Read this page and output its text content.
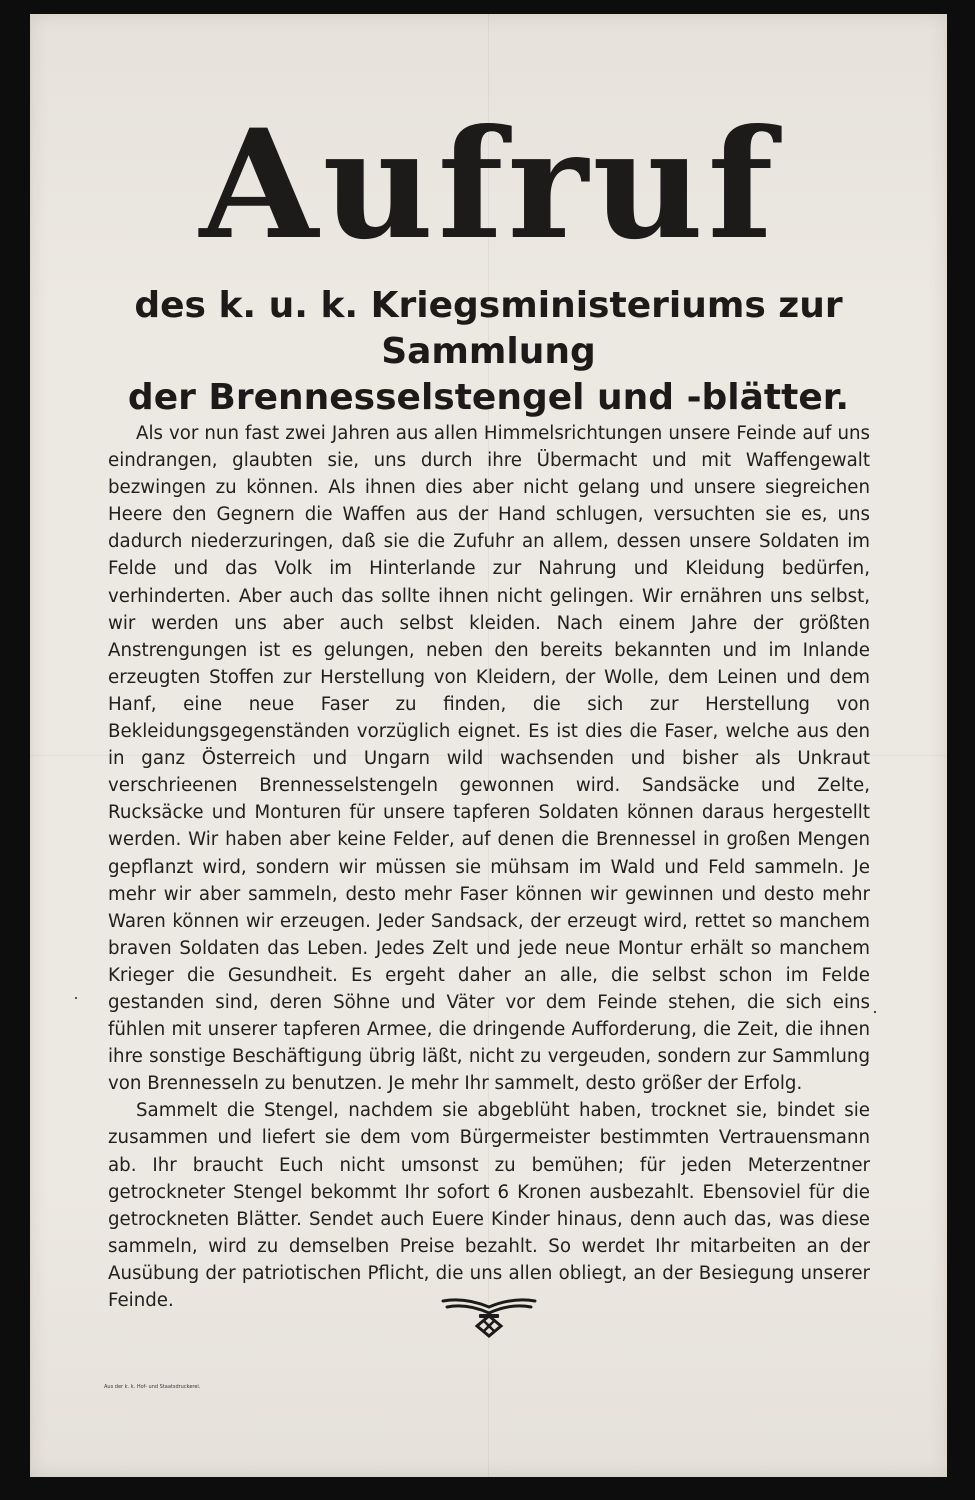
Aufruf
des k. u. k. Kriegsministeriums zur Sammlung
der Brennesselstengel und -blätter.

Als vor nun fast zwei Jahren aus allen Himmelsrichtungen unsere Feinde auf uns eindrangen, glaubten sie, uns durch ihre Übermacht und mit Waffengewalt bezwingen zu können. Als ihnen dies aber nicht gelang und unsere siegreichen Heere den Gegnern die Waffen aus der Hand schlugen, versuchten sie es, uns dadurch niederzuringen, daß sie die Zufuhr an allem, dessen unsere Soldaten im Felde und das Volk im Hinterlande zur Nahrung und Kleidung bedürfen, verhinderten. Aber auch das sollte ihnen nicht gelingen. Wir ernähren uns selbst, wir werden uns aber auch selbst kleiden. Nach einem Jahre der größten Anstrengungen ist es gelungen, neben den bereits bekannten und im Inlande erzeugten Stoffen zur Herstellung von Kleidern, der Wolle, dem Leinen und dem Hanf, eine neue Faser zu finden, die sich zur Herstellung von Bekleidungsgegenständen vorzüglich eignet. Es ist dies die Faser, welche aus den in ganz Österreich und Ungarn wild wachsenden und bisher als Unkraut verschrieenen Brennesselstengeln gewonnen wird. Sandsäcke und Zelte, Rucksäcke und Monturen für unsere tapferen Soldaten können daraus hergestellt werden. Wir haben aber keine Felder, auf denen die Brennessel in großen Mengen gepflanzt wird, sondern wir müssen sie mühsam im Wald und Feld sammeln. Je mehr wir aber sammeln, desto mehr Faser können wir gewinnen und desto mehr Waren können wir erzeugen. Jeder Sandsack, der erzeugt wird, rettet so manchem braven Soldaten das Leben. Jedes Zelt und jede neue Montur erhält so manchem Krieger die Gesundheit. Es ergeht daher an alle, die selbst schon im Felde gestanden sind, deren Söhne und Väter vor dem Feinde stehen, die sich eins fühlen mit unserer tapferen Armee, die dringende Aufforderung, die Zeit, die ihnen ihre sonstige Beschäftigung übrig läßt, nicht zu vergeuden, sondern zur Sammlung von Brennesseln zu benutzen. Je mehr Ihr sammelt, desto größer der Erfolg.

Sammelt die Stengel, nachdem sie abgeblüht haben, trocknet sie, bindet sie zusammen und liefert sie dem vom Bürgermeister bestimmten Vertrauensmann ab. Ihr braucht Euch nicht umsonst zu bemühen; für jeden Meterzentner getrockneter Stengel bekommt Ihr sofort 6 Kronen ausbezahlt. Ebensoviel für die getrockneten Blätter. Sendet auch Euere Kinder hinaus, denn auch das, was diese sammeln, wird zu demselben Preise bezahlt. So werdet Ihr mitarbeiten an der Ausübung der patriotischen Pflicht, die uns allen obliegt, an der Besiegung unserer Feinde.

Aus der k. k. Hof- und Staatsdruckerei.
